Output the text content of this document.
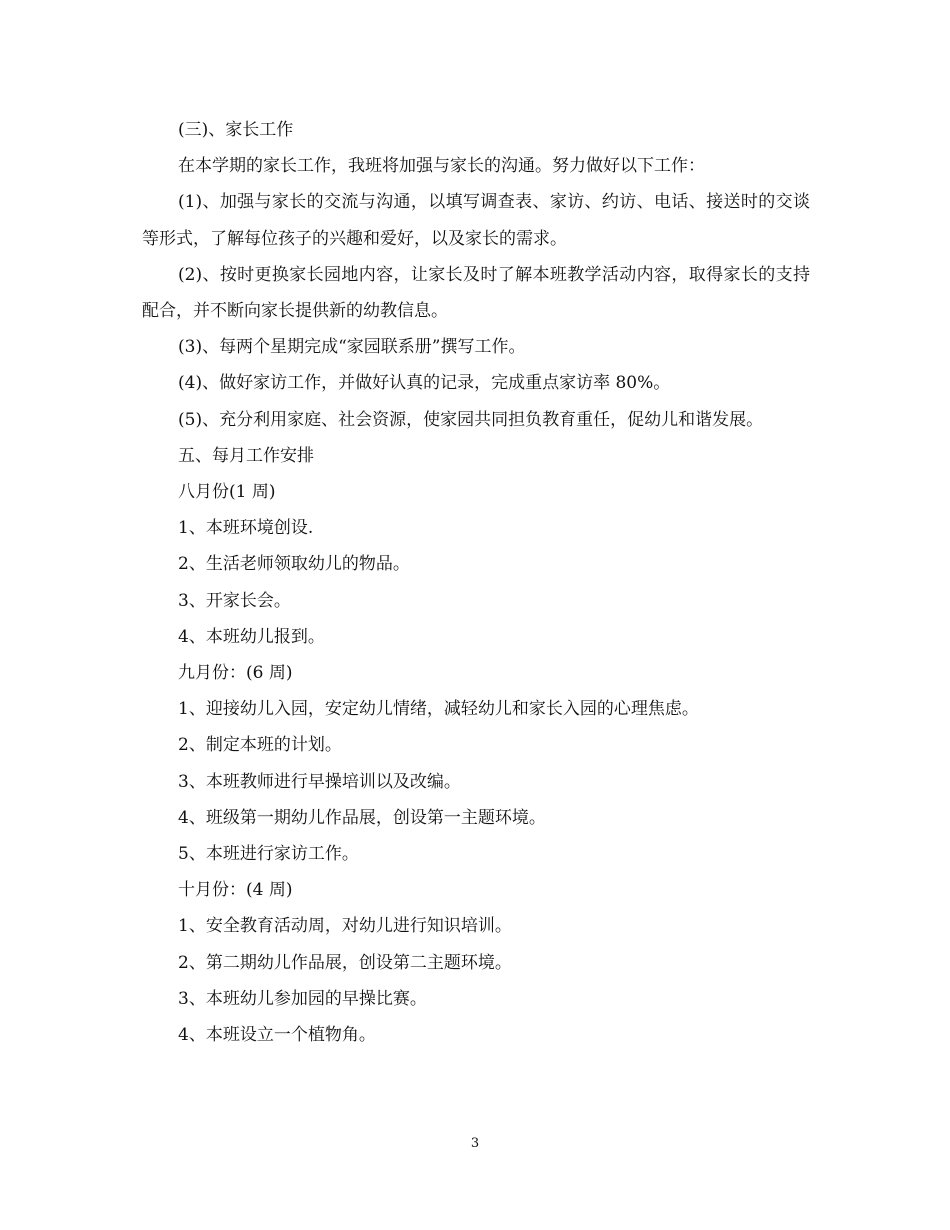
(三)、家长工作

在本学期的家长工作，我班将加强与家长的沟通。努力做好以下工作：

(1)、加强与家长的交流与沟通，以填写调查表、家访、约访、电话、接送时的交谈等形式，了解每位孩子的兴趣和爱好，以及家长的需求。

(2)、按时更换家长园地内容，让家长及时了解本班教学活动内容，取得家长的支持配合，并不断向家长提供新的幼教信息。

(3)、每两个星期完成“家园联系册”撰写工作。

(4)、做好家访工作，并做好认真的记录，完成重点家访率 80%。

(5)、充分利用家庭、社会资源，使家园共同担负教育重任，促幼儿和谐发展。

五、每月工作安排

八月份(1 周)

1、本班环境创设.

2、生活老师领取幼儿的物品。

3、开家长会。

4、本班幼儿报到。

九月份：(6 周)

1、迎接幼儿入园，安定幼儿情绪，减轻幼儿和家长入园的心理焦虑。

2、制定本班的计划。

3、本班教师进行早操培训以及改编。

4、班级第一期幼儿作品展，创设第一主题环境。

5、本班进行家访工作。

十月份：(4 周)

1、安全教育活动周，对幼儿进行知识培训。

2、第二期幼儿作品展，创设第二主题环境。

3、本班幼儿参加园的早操比赛。

4、本班设立一个植物角。

3
